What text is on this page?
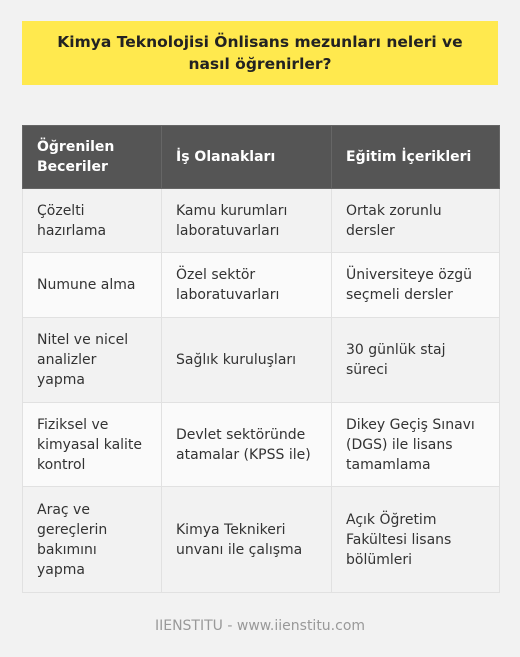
Kimya Teknolojisi Önlisans mezunları neleri ve nasıl öğrenirler?
Öğrenilen Beceriler	İş Olanakları	Eğitim İçerikleri
Çözelti hazırlama	Kamu kurumları laboratuvarları	Ortak zorunlu dersler
Numune alma	Özel sektör laboratuvarları	Üniversiteye özgü seçmeli dersler
Nitel ve nicel analizler yapma	Sağlık kuruluşları	30 günlük staj süreci
Fiziksel ve kimyasal kalite kontrol	Devlet sektöründe atamalar (KPSS ile)	Dikey Geçiş Sınavı (DGS) ile lisans tamamlama
Araç ve gereçlerin bakımını yapma	Kimya Teknikeri unvanı ile çalışma	Açık Öğretim Fakültesi lisans bölümleri
IIENSTITU - www.iienstitu.com
